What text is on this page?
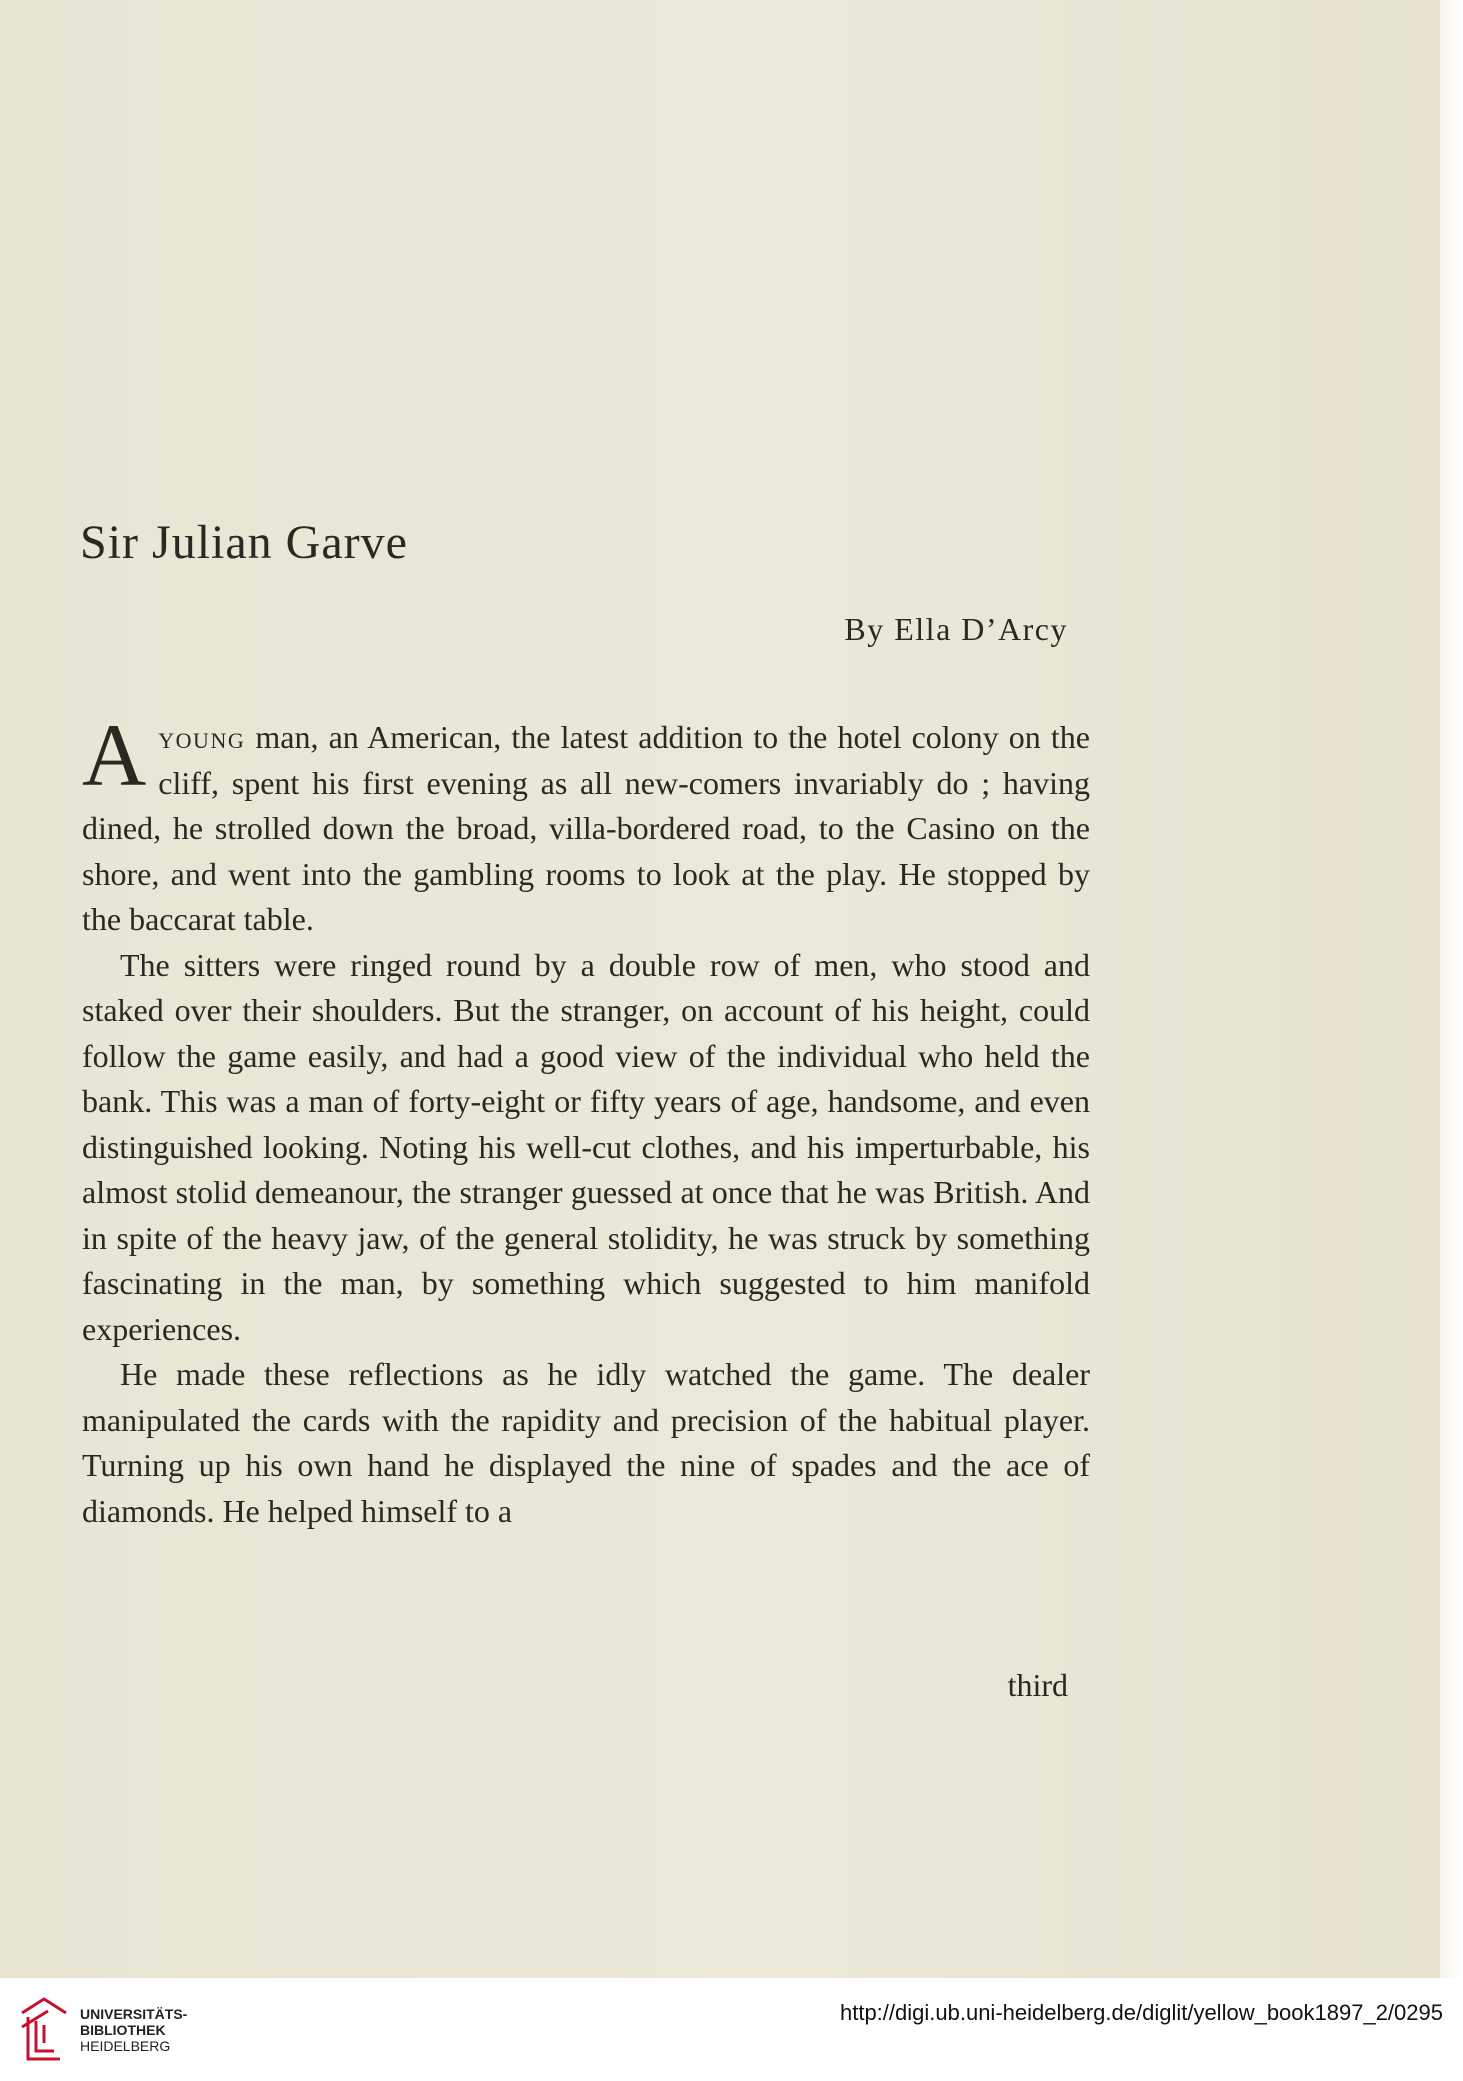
Sir Julian Garve
By Ella D’Arcy

Ayoung man, an American, the latest addition to the hotel colony on the cliff, spent his first evening as all new-comers invariably do ; having dined, he strolled down the broad, villa-bordered road, to the Casino on the shore, and went into the gambling rooms to look at the play. He stopped by the baccarat table.

The sitters were ringed round by a double row of men, who stood and staked over their shoulders. But the stranger, on account of his height, could follow the game easily, and had a good view of the individual who held the bank. This was a man of forty-eight or fifty years of age, handsome, and even distinguished looking. Noting his well-cut clothes, and his imperturbable, his almost stolid demeanour, the stranger guessed at once that he was British. And in spite of the heavy jaw, of the general stolidity, he was struck by something fascinating in the man, by something which suggested to him manifold experiences.

He made these reflections as he idly watched the game. The dealer manipulated the cards with the rapidity and precision of the habitual player. Turning up his own hand he displayed the nine of spades and the ace of diamonds. He helped himself to a

third
UNIVERSITÄTS-
BIBLIOTHEK
HEIDELBERG
http://digi.ub.uni-heidelberg.de/diglit/yellow_book1897_2/0295
